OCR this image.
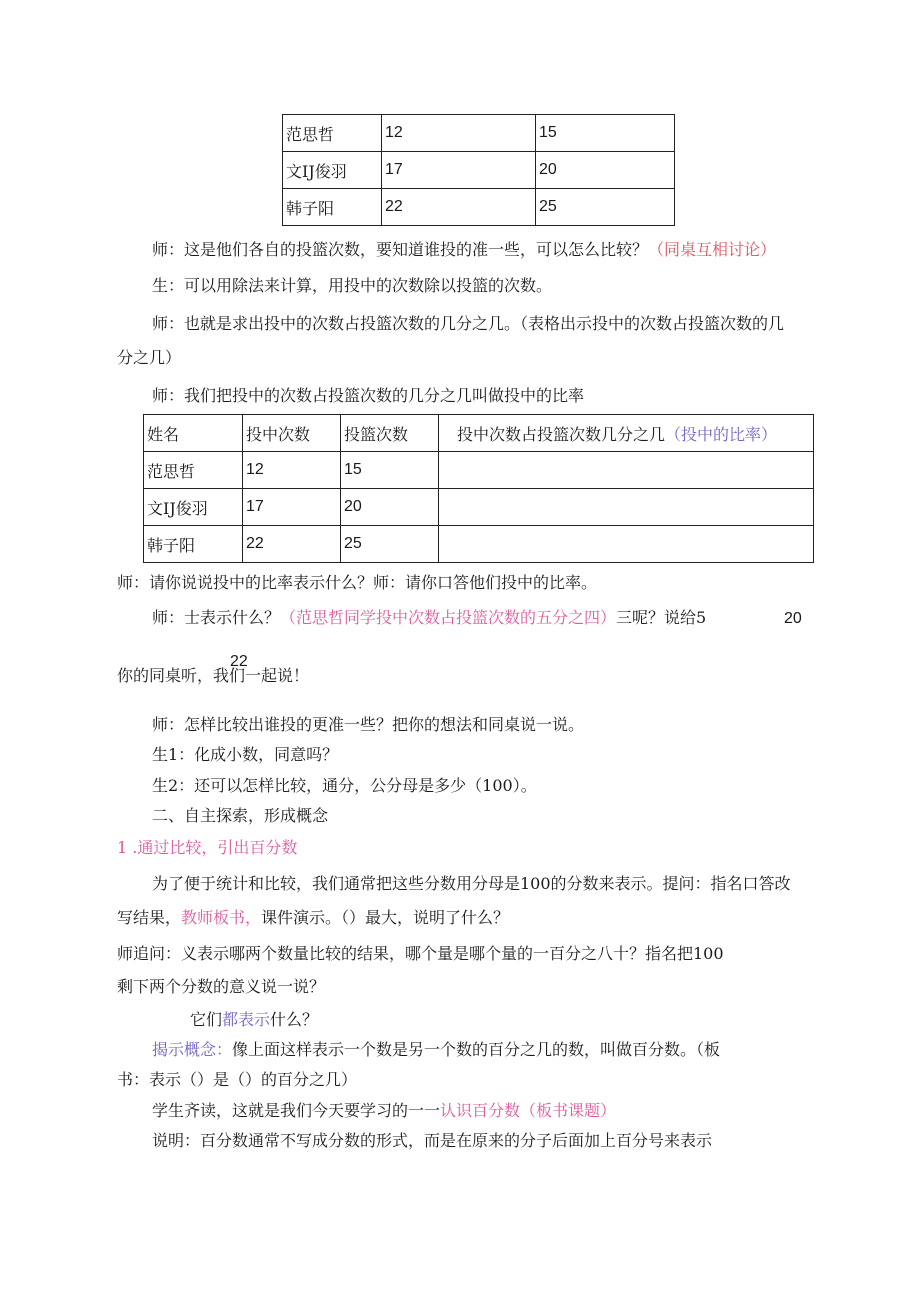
范思哲	12	15
文IJ俊羽	17	20
韩子阳	22	25
师：这是他们各自的投篮次数，要知道谁投的准一些，可以怎么比较？（同桌互相讨论）
生：可以用除法来计算，用投中的次数除以投篮的次数。
师：也就是求出投中的次数占投篮次数的几分之几。（表格出示投中的次数占投篮次数的几
分之几）
师：我们把投中的次数占投篮次数的几分之几叫做投中的比率
姓名	投中次数	投篮次数	投中次数占投篮次数几分之几（投中的比率）
范思哲	12	15	
文IJ俊羽	17	20	
韩子阳	22	25	
师：请你说说投中的比率表示什么？师：请你口答他们投中的比率。
师：士表示什么？（范思哲同学投中次数占投篮次数的五分之四）三呢？说给5	20
22
你的同桌听，我们一起说！
师：怎样比较出谁投的更准一些？把你的想法和同桌说一说。
生1：化成小数，同意吗？
生2：还可以怎样比较，通分，公分母是多少（100）。
二、自主探索，形成概念
1 .通过比较，引出百分数
为了便于统计和比较，我们通常把这些分数用分母是100的分数来表示。提问：指名口答改
写结果，教师板书，课件演示。（）最大，说明了什么？
师追问：义表示哪两个数量比较的结果，哪个量是哪个量的一百分之八十？指名把100
剩下两个分数的意义说一说？
它们都表示什么？
揭示概念：像上面这样表示一个数是另一个数的百分之几的数，叫做百分数。（板
书：表示（）是（）的百分之几）
学生齐读，这就是我们今天要学习的一一认识百分数（板书课题）
说明：百分数通常不写成分数的形式，而是在原来的分子后面加上百分号来表示
